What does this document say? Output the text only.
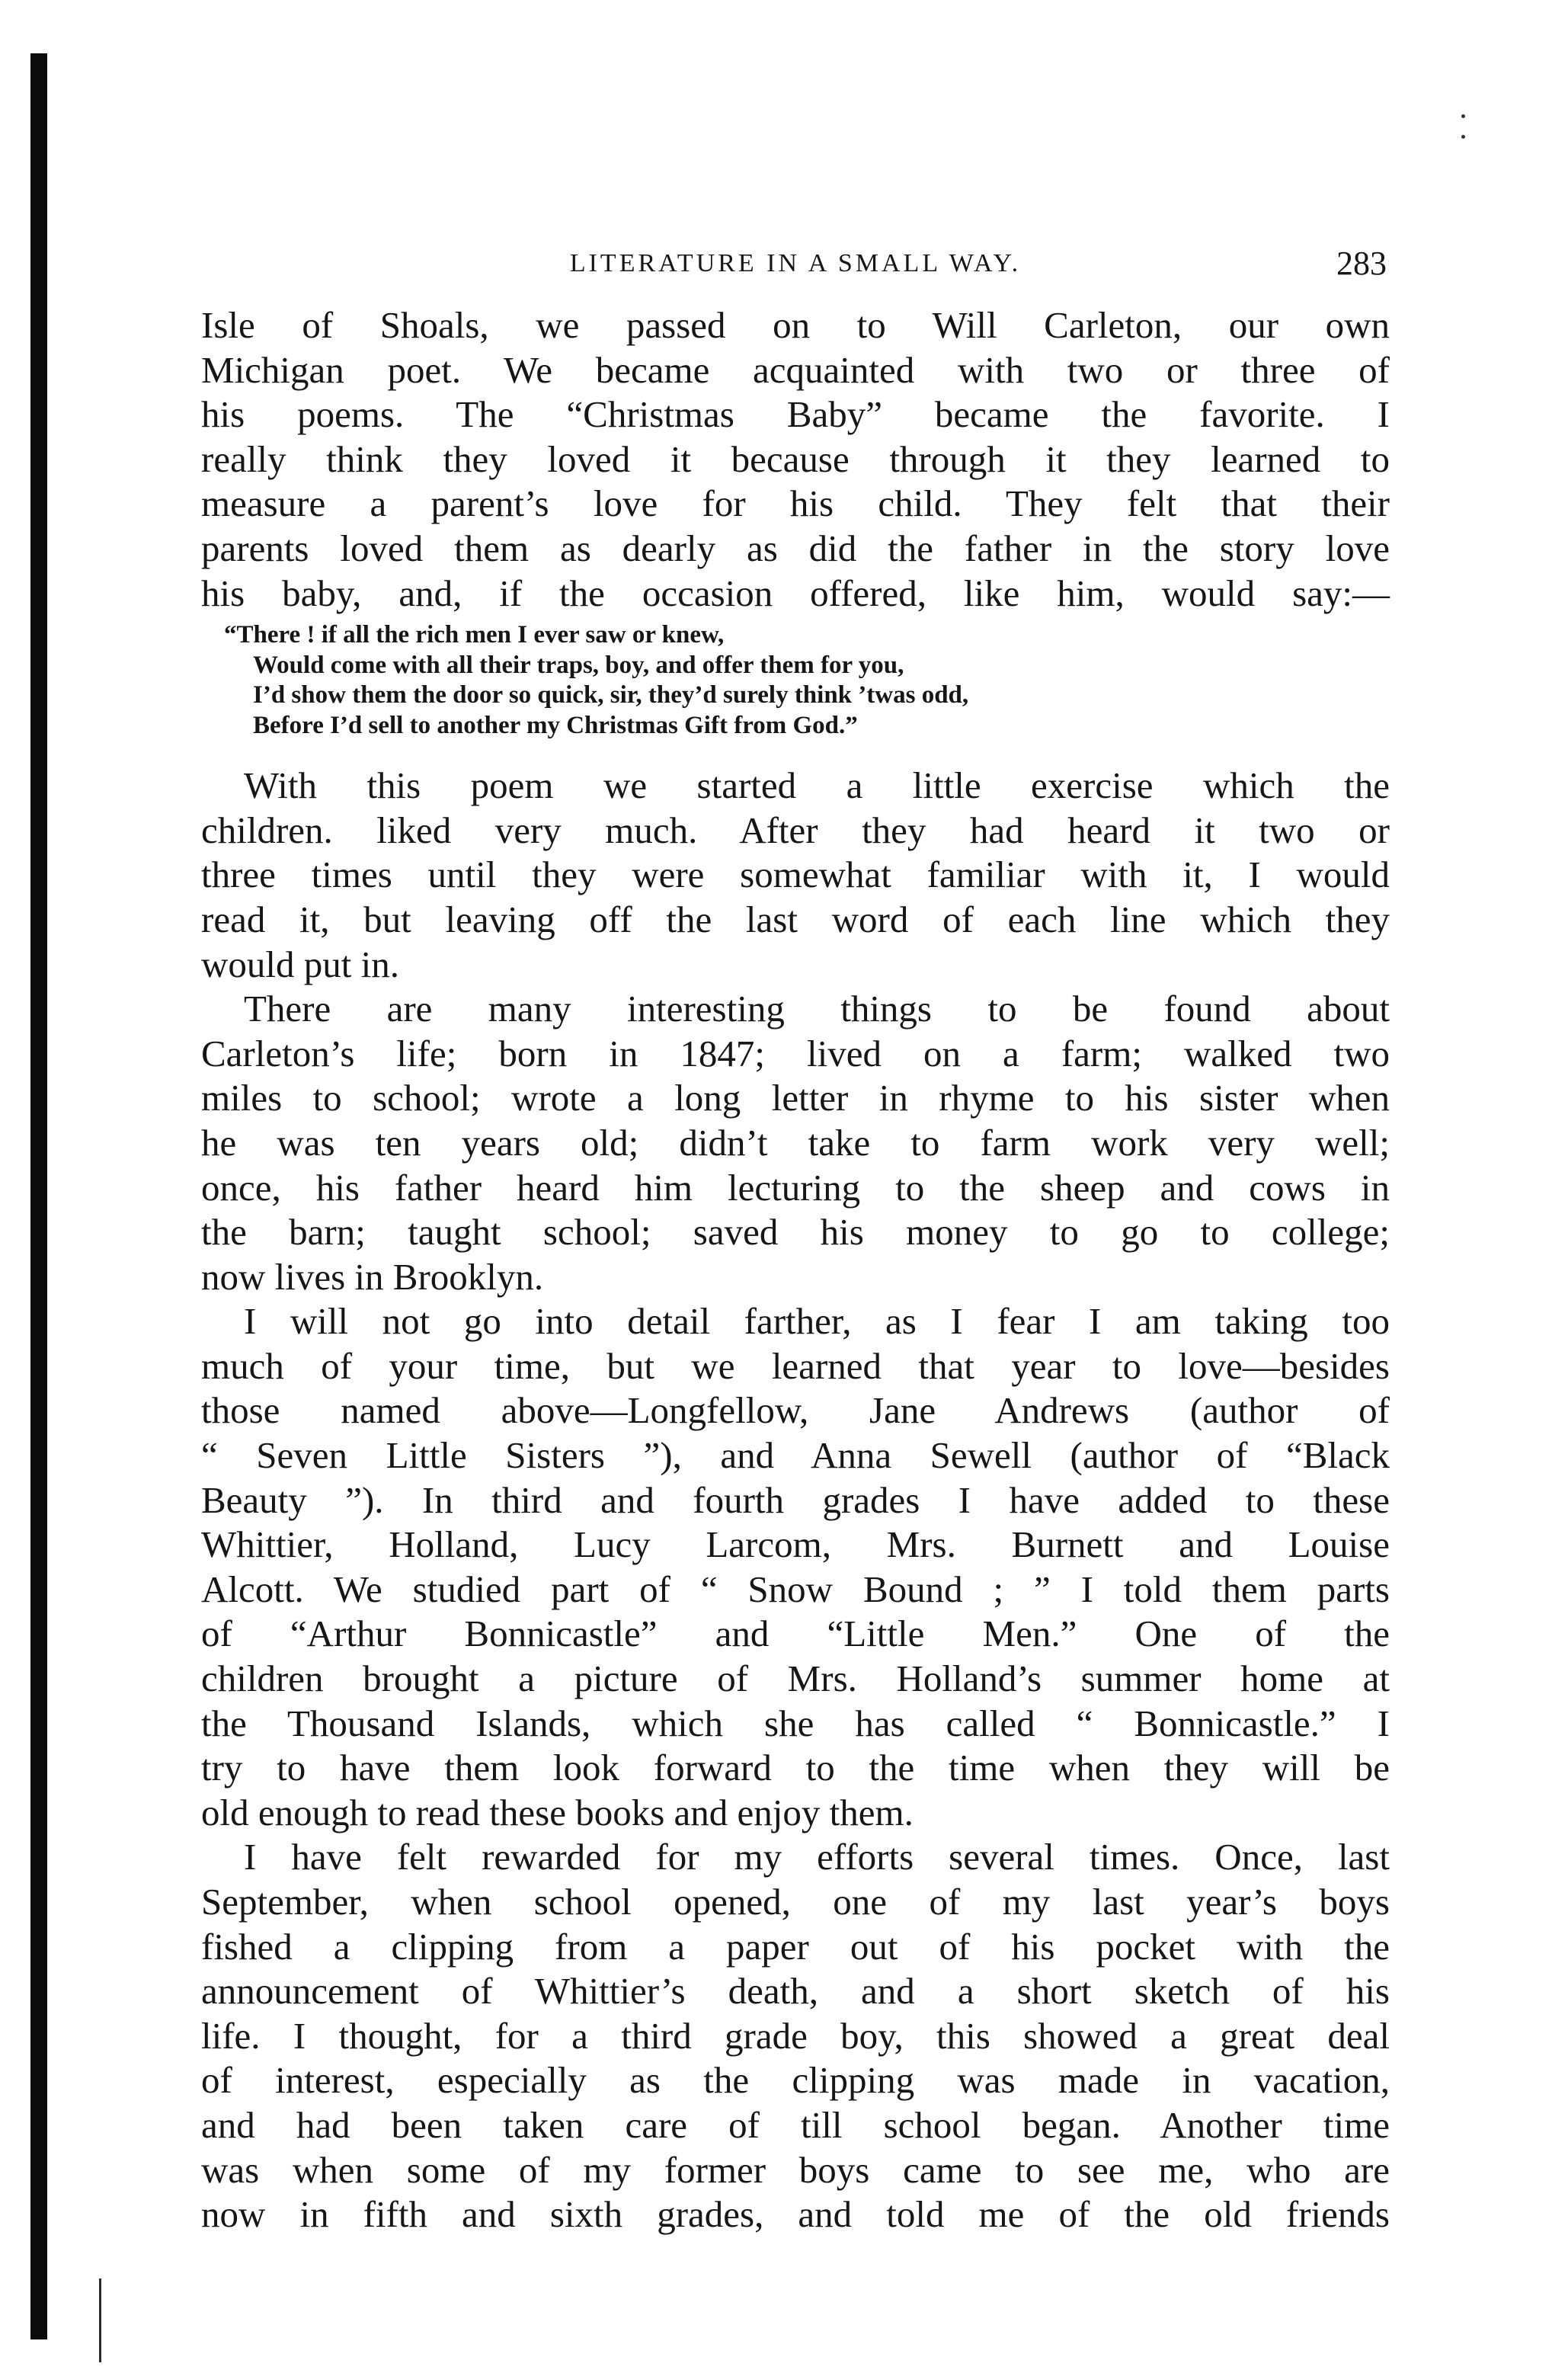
LITERATURE IN A SMALL WAY.	283
Isle of Shoals, we passed on to Will Carleton, our own
Michigan poet. We became acquainted with two or three of
his poems. The “Christmas Baby” became the favorite. I
really think they loved it because through it they learned to
measure a parent’s love for his child. They felt that their
parents loved them as dearly as did the father in the story love
his baby, and, if the occasion offered, like him, would say:—
“There ! if all the rich men I ever saw or knew,
Would come with all their traps, boy, and offer them for you,
I’d show them the door so quick, sir, they’d surely think ’twas odd,
Before I’d sell to another my Christmas Gift from God.”
With this poem we started a little exercise which the
children. liked very much. After they had heard it two or
three times until they were somewhat familiar with it, I would
read it, but leaving off the last word of each line which they
would put in.
There are many interesting things to be found about
Carleton’s life; born in 1847; lived on a farm; walked two
miles to school; wrote a long letter in rhyme to his sister when
he was ten years old; didn’t take to farm work very well;
once, his father heard him lecturing to the sheep and cows in
the barn; taught school; saved his money to go to college;
now lives in Brooklyn.
I will not go into detail farther, as I fear I am taking too
much of your time, but we learned that year to love—besides
those named above—Longfellow, Jane Andrews (author of
“ Seven Little Sisters ”), and Anna Sewell (author of “Black
Beauty ”). In third and fourth grades I have added to these
Whittier, Holland, Lucy Larcom, Mrs. Burnett and Louise
Alcott. We studied part of “ Snow Bound ; ” I told them parts
of “Arthur Bonnicastle” and “Little Men.” One of the
children brought a picture of Mrs. Holland’s summer home at
the Thousand Islands, which she has called “ Bonnicastle.” I
try to have them look forward to the time when they will be
old enough to read these books and enjoy them.
I have felt rewarded for my efforts several times. Once, last
September, when school opened, one of my last year’s boys
fished a clipping from a paper out of his pocket with the
announcement of Whittier’s death, and a short sketch of his
life. I thought, for a third grade boy, this showed a great deal
of interest, especially as the clipping was made in vacation,
and had been taken care of till school began. Another time
was when some of my former boys came to see me, who are
now in fifth and sixth grades, and told me of the old friends
